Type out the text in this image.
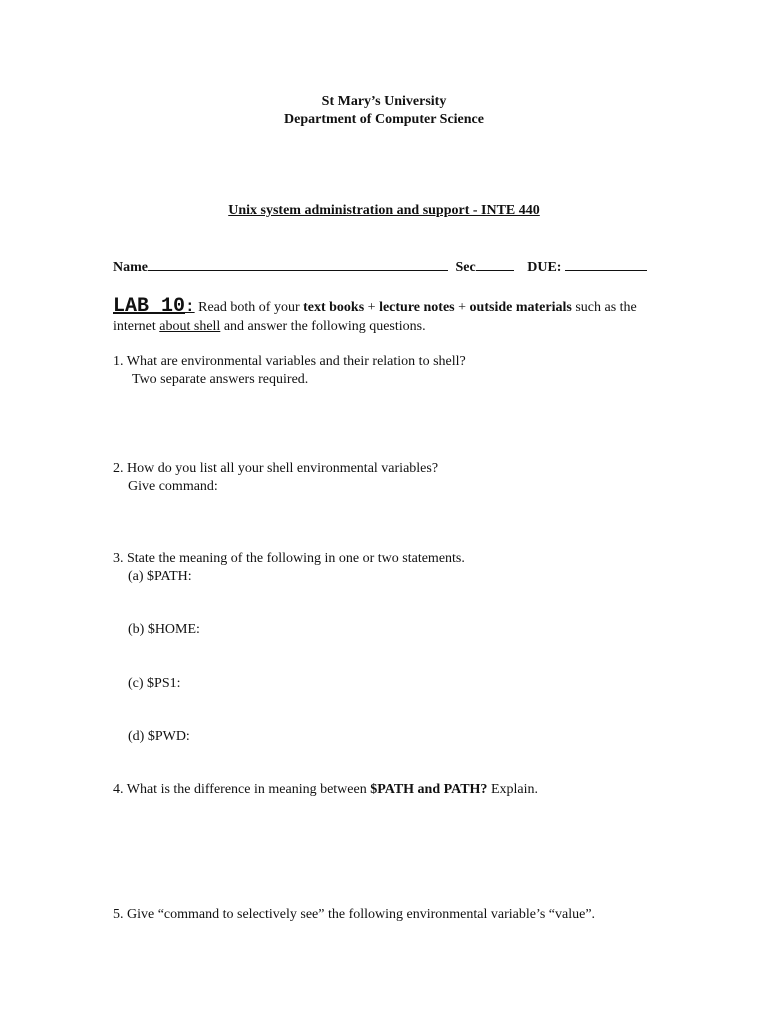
St Mary’s University
Department of Computer Science
Unix system administration and support - INTE 440
Name	Sec	DUE:
LAB 10: Read both of your text books + lecture notes + outside materials such as the
internet about shell and answer the following questions.
1. What are environmental variables and their relation to shell?
Two separate answers required.
2. How do you list all your shell environmental variables?
Give command:
3. State the meaning of the following in one or two statements.
(a) $PATH:
(b) $HOME:
(c) $PS1:
(d) $PWD:
4. What is the difference in meaning between $PATH and PATH? Explain.
5. Give “command to selectively see” the following environmental variable’s “value”.
